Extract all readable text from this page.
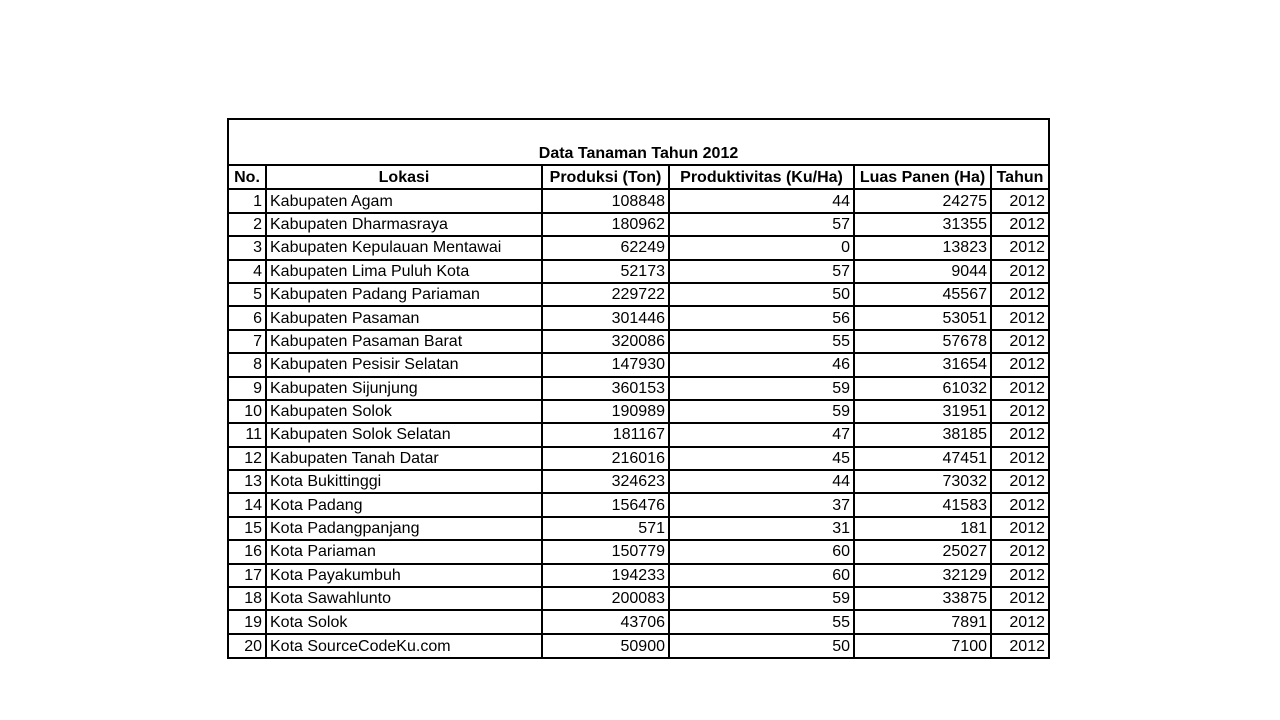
Data Tanaman Tahun 2012
No.	Lokasi	Produksi (Ton)	Produktivitas (Ku/Ha)	Luas Panen (Ha)	Tahun
1	Kabupaten Agam	108848	44	24275	2012
2	Kabupaten Dharmasraya	180962	57	31355	2012
3	Kabupaten Kepulauan Mentawai	62249	0	13823	2012
4	Kabupaten Lima Puluh Kota	52173	57	9044	2012
5	Kabupaten Padang Pariaman	229722	50	45567	2012
6	Kabupaten Pasaman	301446	56	53051	2012
7	Kabupaten Pasaman Barat	320086	55	57678	2012
8	Kabupaten Pesisir Selatan	147930	46	31654	2012
9	Kabupaten Sijunjung	360153	59	61032	2012
10	Kabupaten Solok	190989	59	31951	2012
11	Kabupaten Solok Selatan	181167	47	38185	2012
12	Kabupaten Tanah Datar	216016	45	47451	2012
13	Kota Bukittinggi	324623	44	73032	2012
14	Kota Padang	156476	37	41583	2012
15	Kota Padangpanjang	571	31	181	2012
16	Kota Pariaman	150779	60	25027	2012
17	Kota Payakumbuh	194233	60	32129	2012
18	Kota Sawahlunto	200083	59	33875	2012
19	Kota Solok	43706	55	7891	2012
20	Kota SourceCodeKu.com	50900	50	7100	2012
